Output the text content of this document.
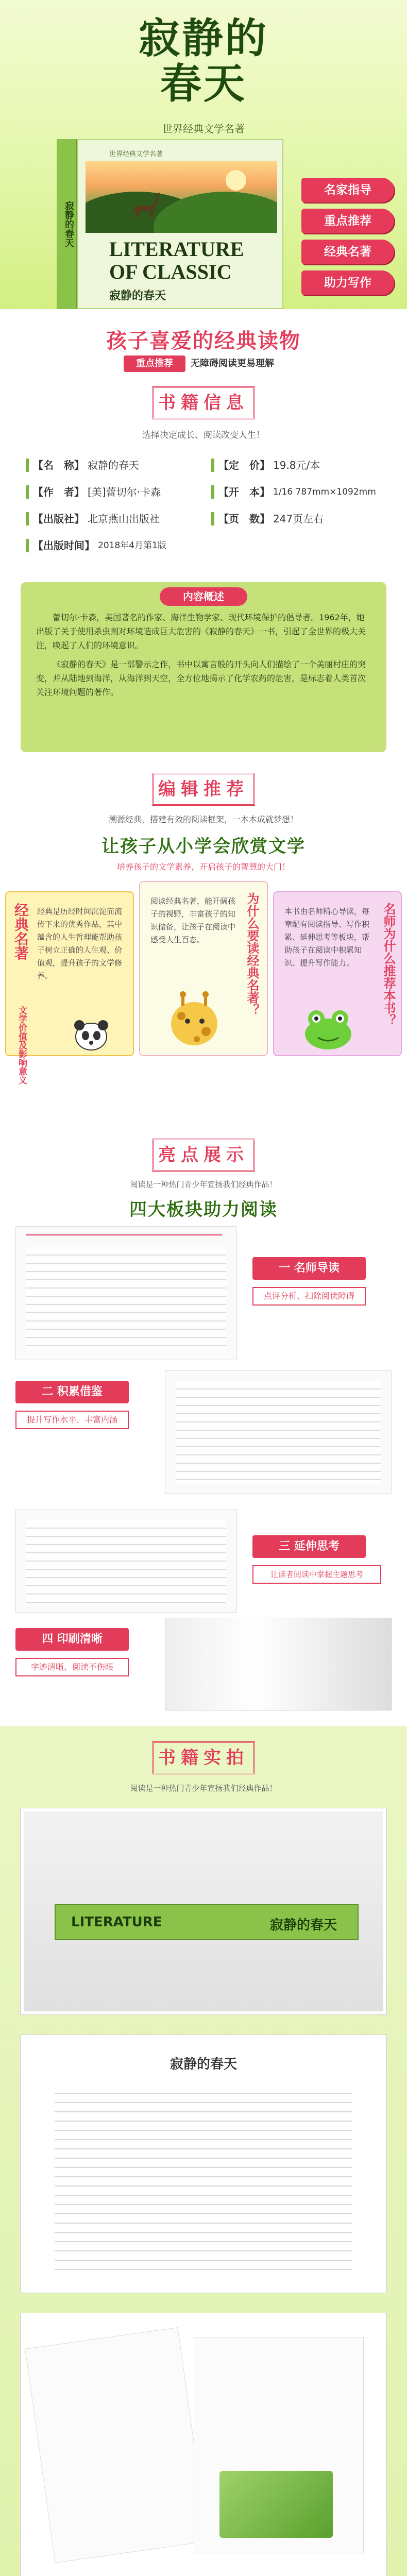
寂静的
春天
世界经典文学名著
寂静的春天
世界经典文学名著
LITERATURE
OF CLASSIC
寂静的春天
名家指导
重点推荐
经典名著
助力写作
孩子喜爱的经典读物
重点推荐	无障碍阅读更易理解
书籍信息
选择决定成长、阅读改变人生！
【名　称】 寂静的春天	【定　价】 19.8元/本
【作　者】 [美]蕾切尔·卡森	【开　本】 1/16 787mm×1092mm
【出版社】 北京燕山出版社	【页　数】 247页左右
【出版时间】 2018年4月第1版
内容概述

蕾切尔·卡森，美国著名的作家、海洋生物学家、现代环境保护的倡导者。1962年，她出版了关于使用杀虫剂对环境造成巨大危害的《寂静的春天》一书，引起了全世界的极大关注，唤起了人们的环境意识。

《寂静的春天》是一部警示之作，书中以寓言般的开头向人们描绘了一个美丽村庄的突变，并从陆地到海洋，从海洋到天空，全方位地揭示了化学农药的危害，是标志着人类首次关注环境问题的著作。

编辑推荐
溯源经典，搭建有效的阅读框架，一本本成就梦想！
让孩子从小学会欣赏文学
培养孩子的文学素养，开启孩子的智慧的大门！
经典名著 经典是历经时间沉淀而流传下来的优秀作品，其中蕴含的人生哲理能帮助孩子树立正确的人生观、价值观，提升孩子的文学修养。
文学价值及影响意义
阅读经典名著，能开阔孩子的视野，丰富孩子的知识储备，让孩子在阅读中感受人生百态。	为什么要读经典名著？	本书由名师精心导读，每章配有阅读指导、写作积累、延伸思考等板块，帮助孩子在阅读中积累知识、提升写作能力。	名师为什么推荐本书？
亮点展示
阅读是一种热门青少年宣扬我们经典作品！
四大板块助力阅读
一 名师导读
点评分析、扫除阅读障碍
二 积累借鉴
提升写作水平、丰富内涵
三 延伸思考
让读者阅读中掌握主题思考
四 印刷清晰
字迹清晰、阅读不伤眼
书籍实拍
阅读是一种热门青少年宣扬我们经典作品！
LITERATURE	寂静的春天
寂静的春天
